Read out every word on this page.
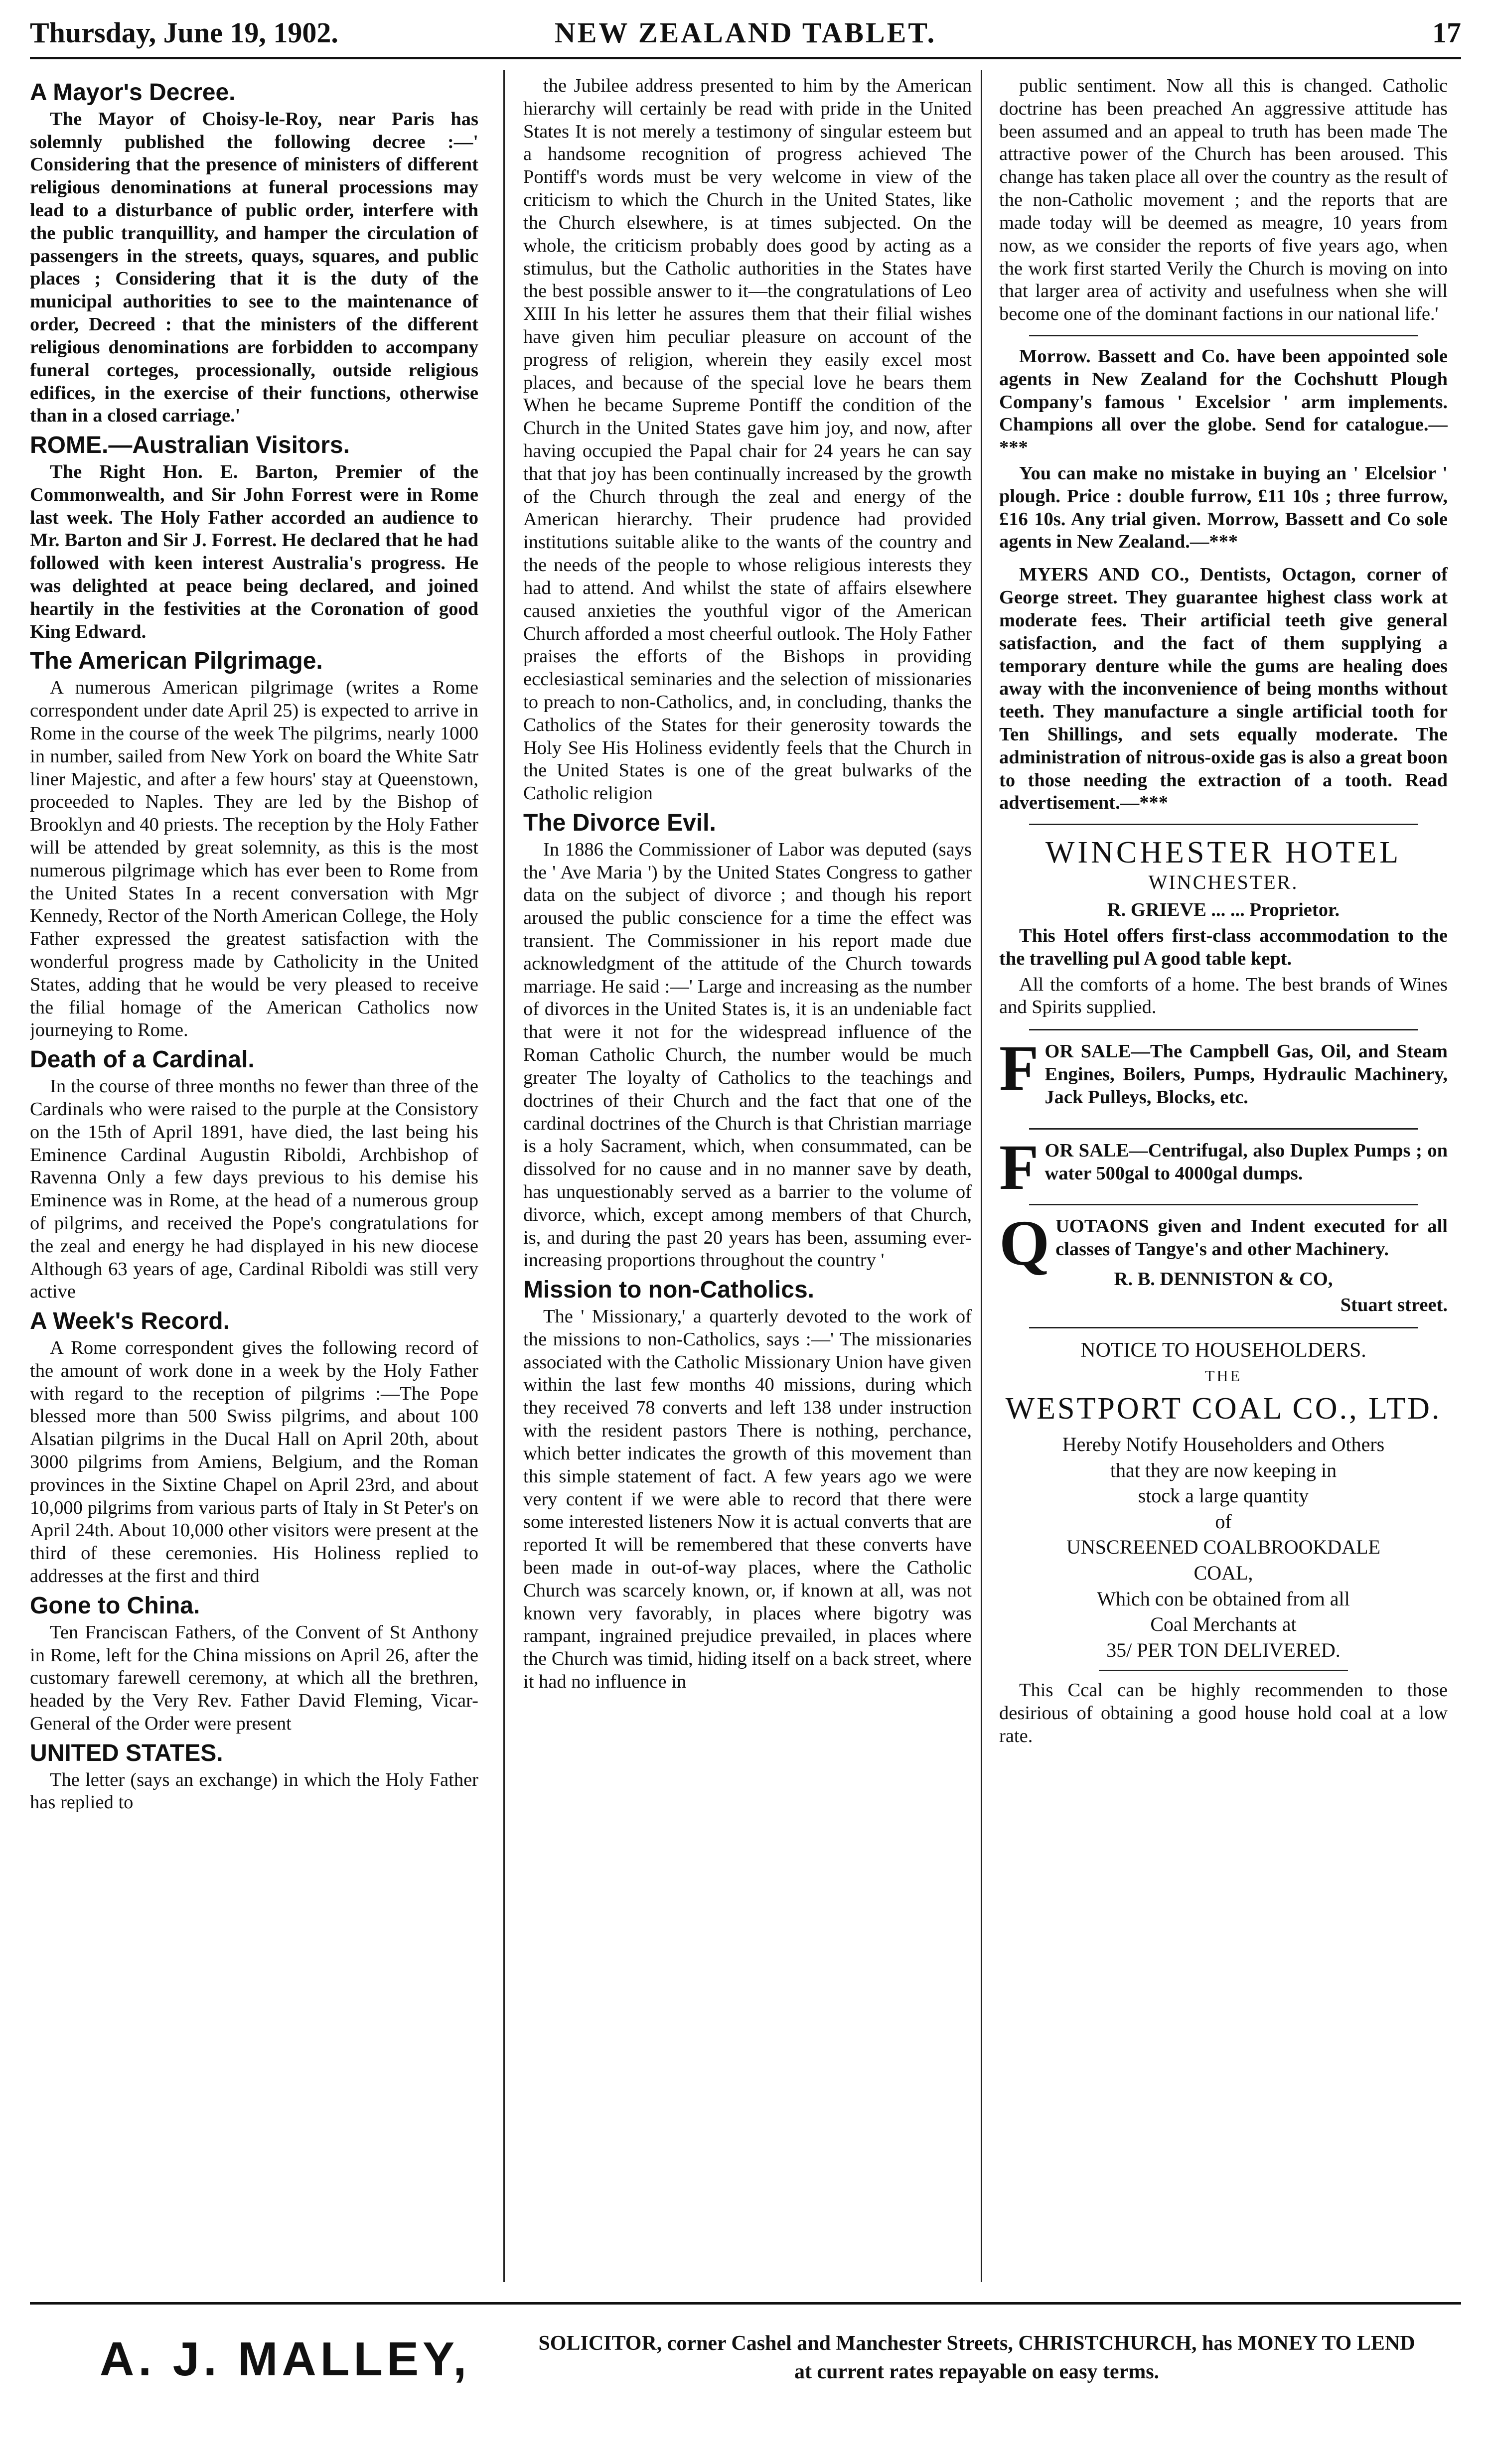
Thursday, June 19, 1902.	NEW ZEALAND TABLET.	17
A Mayor's Decree.

The Mayor of Choisy-le-Roy, near Paris has solemnly published the following decree :—' Considering that the presence of ministers of different religious denominations at funeral processions may lead to a disturbance of public order, interfere with the public tranquillity, and hamper the circulation of passengers in the streets, quays, squares, and public places ; Considering that it is the duty of the municipal authorities to see to the maintenance of order, Decreed : that the ministers of the different religious denominations are forbidden to accompany funeral corteges, processionally, outside religious edifices, in the exercise of their functions, otherwise than in a closed carriage.'

ROME.—Australian Visitors.

The Right Hon. E. Barton, Premier of the Commonwealth, and Sir John Forrest were in Rome last week. The Holy Father accorded an audience to Mr. Barton and Sir J. Forrest. He declared that he had followed with keen interest Australia's progress. He was delighted at peace being declared, and joined heartily in the festivities at the Coronation of good King Edward.

The American Pilgrimage.

A numerous American pilgrimage (writes a Rome correspondent under date April 25) is expected to arrive in Rome in the course of the week The pilgrims, nearly 1000 in number, sailed from New York on board the White Satr liner Majestic, and after a few hours' stay at Queenstown, proceeded to Naples. They are led by the Bishop of Brooklyn and 40 priests. The reception by the Holy Father will be attended by great solemnity, as this is the most numerous pilgrimage which has ever been to Rome from the United States In a recent conversation with Mgr Kennedy, Rector of the North American College, the Holy Father expressed the greatest satisfaction with the wonderful progress made by Catholicity in the United States, adding that he would be very pleased to receive the filial homage of the American Catholics now journeying to Rome.

Death of a Cardinal.

In the course of three months no fewer than three of the Cardinals who were raised to the purple at the Consistory on the 15th of April 1891, have died, the last being his Eminence Cardinal Augustin Riboldi, Archbishop of Ravenna Only a few days previous to his demise his Eminence was in Rome, at the head of a numerous group of pilgrims, and received the Pope's congratulations for the zeal and energy he had displayed in his new diocese Although 63 years of age, Cardinal Riboldi was still very active

A Week's Record.

A Rome correspondent gives the following record of the amount of work done in a week by the Holy Father with regard to the reception of pilgrims :—The Pope blessed more than 500 Swiss pilgrims, and about 100 Alsatian pilgrims in the Ducal Hall on April 20th, about 3000 pilgrims from Amiens, Belgium, and the Roman provinces in the Sixtine Chapel on April 23rd, and about 10,000 pilgrims from various parts of Italy in St Peter's on April 24th. About 10,000 other visitors were present at the third of these ceremonies. His Holiness replied to addresses at the first and third

Gone to China.

Ten Franciscan Fathers, of the Convent of St Anthony in Rome, left for the China missions on April 26, after the customary farewell ceremony, at which all the brethren, headed by the Very Rev. Father David Fleming, Vicar-General of the Order were present

UNITED STATES.

The letter (says an exchange) in which the Holy Father has replied to

the Jubilee address presented to him by the American hierarchy will certainly be read with pride in the United States It is not merely a testimony of singular esteem but a handsome recognition of progress achieved The Pontiff's words must be very welcome in view of the criticism to which the Church in the United States, like the Church elsewhere, is at times subjected. On the whole, the criticism probably does good by acting as a stimulus, but the Catholic authorities in the States have the best possible answer to it—the congratulations of Leo XIII In his letter he assures them that their filial wishes have given him peculiar pleasure on account of the progress of religion, wherein they easily excel most places, and because of the special love he bears them When he became Supreme Pontiff the condition of the Church in the United States gave him joy, and now, after having occupied the Papal chair for 24 years he can say that that joy has been continually increased by the growth of the Church through the zeal and energy of the American hierarchy. Their prudence had provided institutions suitable alike to the wants of the country and the needs of the people to whose religious interests they had to attend. And whilst the state of affairs elsewhere caused anxieties the youthful vigor of the American Church afforded a most cheerful outlook. The Holy Father praises the efforts of the Bishops in providing ecclesiastical seminaries and the selection of missionaries to preach to non-Catholics, and, in concluding, thanks the Catholics of the States for their generosity towards the Holy See His Holiness evidently feels that the Church in the United States is one of the great bulwarks of the Catholic religion

The Divorce Evil.

In 1886 the Commissioner of Labor was deputed (says the ' Ave Maria ') by the United States Congress to gather data on the subject of divorce ; and though his report aroused the public conscience for a time the effect was transient. The Commissioner in his report made due acknowledgment of the attitude of the Church towards marriage. He said :—' Large and increasing as the number of divorces in the United States is, it is an undeniable fact that were it not for the widespread influence of the Roman Catholic Church, the number would be much greater The loyalty of Catholics to the teachings and doctrines of their Church and the fact that one of the cardinal doctrines of the Church is that Christian marriage is a holy Sacrament, which, when consummated, can be dissolved for no cause and in no manner save by death, has unquestionably served as a barrier to the volume of divorce, which, except among members of that Church, is, and during the past 20 years has been, assuming ever-increasing proportions throughout the country '

Mission to non-Catholics.

The ' Missionary,' a quarterly devoted to the work of the missions to non-Catholics, says :—' The missionaries associated with the Catholic Missionary Union have given within the last few months 40 missions, during which they received 78 converts and left 138 under instruction with the resident pastors There is nothing, perchance, which better indicates the growth of this movement than this simple statement of fact. A few years ago we were very content if we were able to record that there were some interested listeners Now it is actual converts that are reported It will be remembered that these converts have been made in out-of-way places, where the Catholic Church was scarcely known, or, if known at all, was not known very favorably, in places where bigotry was rampant, ingrained prejudice prevailed, in places where the Church was timid, hiding itself on a back street, where it had no influence in

public sentiment. Now all this is changed. Catholic doctrine has been preached An aggressive attitude has been assumed and an appeal to truth has been made The attractive power of the Church has been aroused. This change has taken place all over the country as the result of the non-Catholic movement ; and the reports that are made today will be deemed as meagre, 10 years from now, as we consider the reports of five years ago, when the work first started Verily the Church is moving on into that larger area of activity and usefulness when she will become one of the dominant factions in our national life.'

Morrow. Bassett and Co. have been appointed sole agents in New Zealand for the Cochshutt Plough Company's famous ' Excelsior ' arm implements. Champions all over the globe. Send for catalogue.—***

You can make no mistake in buying an ' Elcelsior ' plough. Price : double furrow, £11 10s ; three furrow, £16 10s. Any trial given. Morrow, Bassett and Co sole agents in New Zealand.—***

MYERS AND CO., Dentists, Octagon, corner of George street. They guarantee highest class work at moderate fees. Their artificial teeth give general satisfaction, and the fact of them supplying a temporary denture while the gums are healing does away with the inconvenience of being months without teeth. They manufacture a single artificial tooth for Ten Shillings, and sets equally moderate. The administration of nitrous-oxide gas is also a great boon to those needing the extraction of a tooth. Read advertisement.—***

WINCHESTER HOTEL
WINCHESTER.

R. GRIEVE ... ... Proprietor.

This Hotel offers first-class accommodation to the the travelling pul A good table kept.

All the comforts of a home. The best brands of Wines and Spirits supplied.

FOR SALE—The Campbell Gas, Oil, and Steam Engines, Boilers, Pumps, Hydraulic Machinery, Jack Pulleys, Blocks, etc.

FOR SALE—Centrifugal, also Duplex Pumps ; on water 500gal to 4000gal dumps.

QUOTAONS given and Indent executed for all classes of Tangye's and other Machinery.

R. B. DENNISTON & CO,

Stuart street.

NOTICE TO HOUSEHOLDERS.

THE

WESTPORT COAL CO., LTD.

Hereby Notify Householders and Others

that they are now keeping in

stock a large quantity

of

UNSCREENED COALBROOKDALE

COAL,

Which con be obtained from all

Coal Merchants at

35/ PER TON DELIVERED.

This Ccal can be highly recommenden to those desirious of obtaining a good house hold coal at a low rate.

A. J. MALLEY,	SOLICITOR, corner Cashel and Manchester Streets, CHRISTCHURCH, has MONEY TO LEND at current rates repayable on easy terms.
